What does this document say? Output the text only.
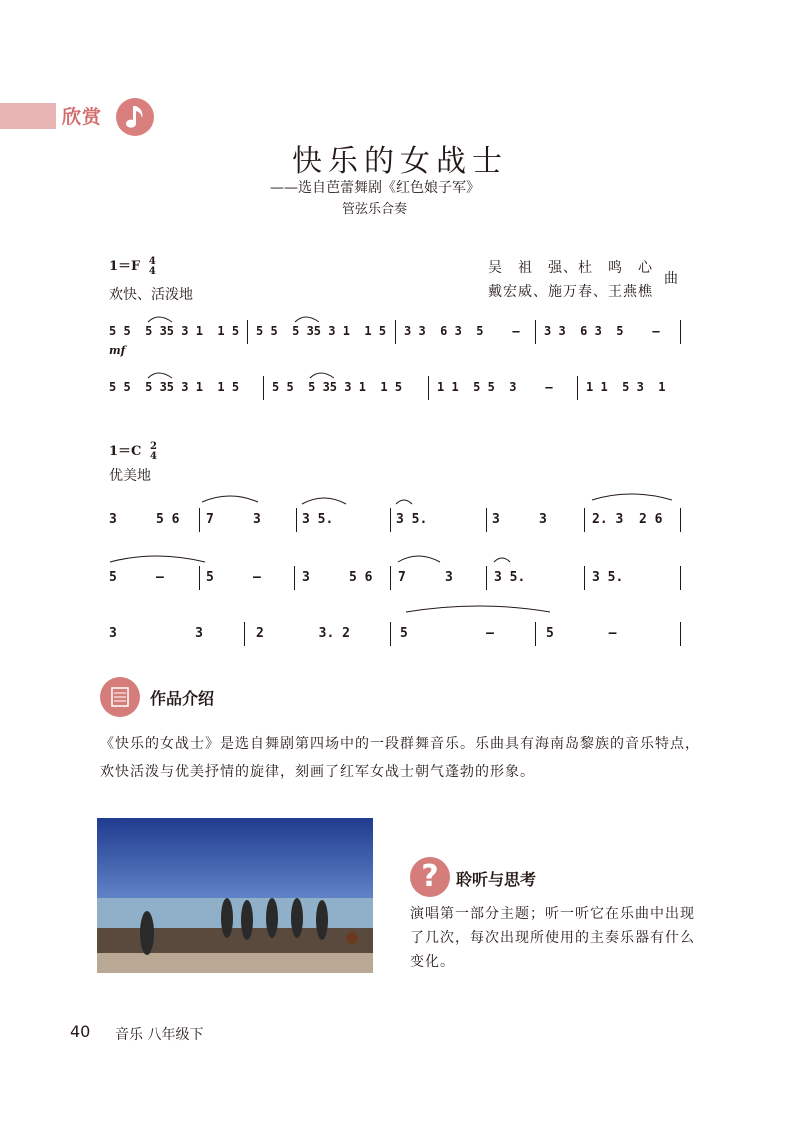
欣赏
快乐的女战士
——选自芭蕾舞剧《红色娘子军》
管弦乐合奏
1＝F 4
4
欢快、活泼地
吴　祖　强、杜　鸣　心
戴宏威、施万春、王燕樵
曲
5 5  5 35 3 1  1 5 5 5  5 35 3 1  1 5 3 3  6 3  5    – 3 3  6 3  5    –
mf
5 5  5 35 3 1  1 5	5 5  5 35 3 1  1 5	1 1  5 5  3    –	1 1  5 3  1
1＝C 2
4
优美地
3     5 6 7     3	3 5.	3 5.	3     3	2. 3  2 6
5     –	5     –	3     5 6 7     3	3 5.	3 5.
3          3	2       3. 2	5          –	5       –
作品介绍
《快乐的女战士》是选自舞剧第四场中的一段群舞音乐。乐曲具有海南岛黎族的音乐特点，欢快活泼与优美抒情的旋律，刻画了红军女战士朝气蓬勃的形象。
?	聆听与思考
演唱第一部分主题；听一听它在乐曲中出现了几次，每次出现所使用的主奏乐器有什么变化。
40 音乐 八年级下
